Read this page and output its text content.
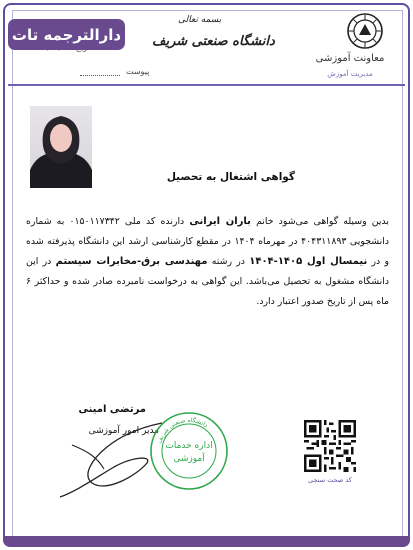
دارالترجمه تات
پیوست
بسمه تعالی
دانشگاه صنعتی شریف
معاونت آموزشی
مدیریت آموزش
گواهی اشتغال به تحصیل
بدین وسیله گواهی می‌شود خانم باران ایرانی دارنده کد ملی ۰۱۵۰۱۱۷۳۴۲ به شماره دانشجویی ۴۰۴۳۱۱۸۹۳ در مهرماه ۱۴۰۴ در مقطع کارشناسی ارشد این دانشگاه پذیرفته شده و در نیمسال اول ۱۴۰۵-۱۴۰۴ در رشته مهندسی برق-مخابرات سیستم در این دانشگاه مشغول به تحصیل می‌باشد. این گواهی به درخواست نامبرده صادر شده و حداکثر ۶ ماه پس از تاریخ صدور اعتبار دارد.
مرتضی امینی
مدیر امور آموزشی
اداره خدمات
آموزشی
دانشگاه صنعتی شریف
کد صحت سنجی
